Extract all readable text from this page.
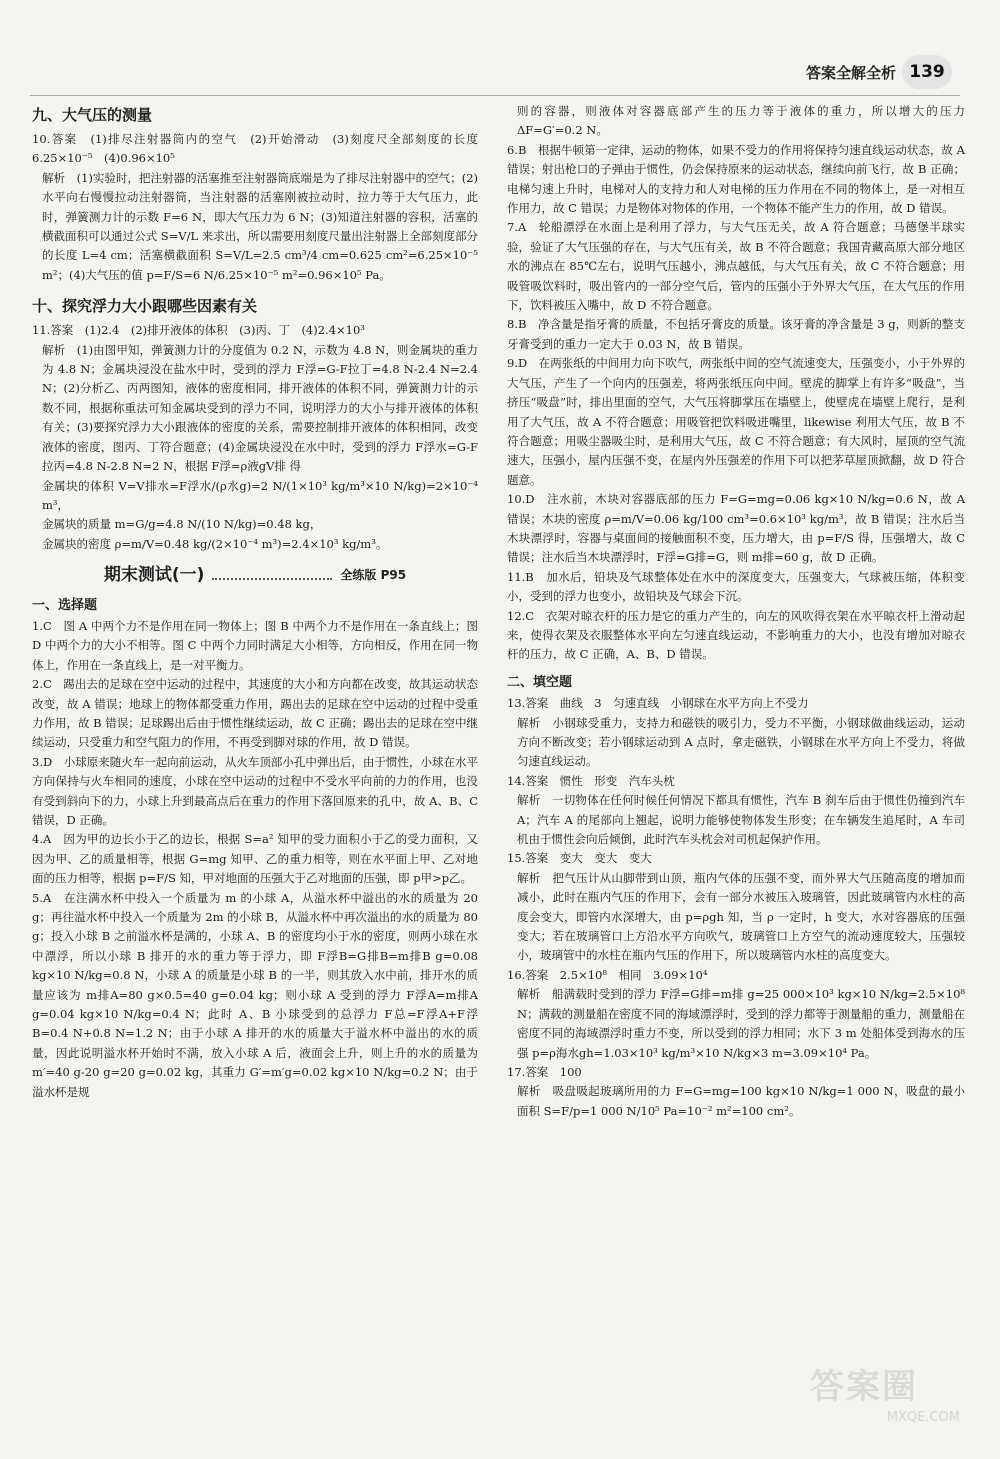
答案全解全析 139
九、大气压的测量

10.答案　(1)排尽注射器筒内的空气　(2)开始滑动　(3)刻度尺全部刻度的长度　6.25×10⁻⁵　(4)0.96×10⁵

解析　(1)实验时，把注射器的活塞推至注射器筒底端是为了排尽注射器中的空气；(2)水平向右慢慢拉动注射器筒，当注射器的活塞刚被拉动时，拉力等于大气压力，此时，弹簧测力计的示数 F=6 N，即大气压力为 6 N；(3)知道注射器的容积，活塞的横截面积可以通过公式 S=V/L 来求出，所以需要用刻度尺量出注射器上全部刻度部分的长度 L=4 cm；活塞横截面积 S=V/L=2.5 cm³/4 cm=0.625 cm²=6.25×10⁻⁵ m²；(4)大气压的值 p=F/S=6 N/6.25×10⁻⁵ m²=0.96×10⁵ Pa。

十、探究浮力大小跟哪些因素有关

11.答案　(1)2.4　(2)排开液体的体积　(3)丙、丁　(4)2.4×10³

解析　(1)由图甲知，弹簧测力计的分度值为 0.2 N，示数为 4.8 N，则金属块的重力为 4.8 N；金属块浸没在盐水中时，受到的浮力 F浮=G-F拉丁=4.8 N-2.4 N=2.4 N；(2)分析乙、丙两图知，液体的密度相同，排开液体的体积不同，弹簧测力计的示数不同，根据称重法可知金属块受到的浮力不同，说明浮力的大小与排开液体的体积有关；(3)要探究浮力大小跟液体的密度的关系，需要控制排开液体的体积相同，改变液体的密度，图丙、丁符合题意；(4)金属块浸没在水中时，受到的浮力 F浮水=G-F拉丙=4.8 N-2.8 N=2 N，根据 F浮=ρ液gV排 得

金属块的体积 V=V排水=F浮水/(ρ水g)=2 N/(1×10³ kg/m³×10 N/kg)=2×10⁻⁴ m³，

金属块的质量 m=G/g=4.8 N/(10 N/kg)=0.48 kg，

金属块的密度 ρ=m/V=0.48 kg/(2×10⁻⁴ m³)=2.4×10³ kg/m³。

期末测试(一)	全练版 P95
一、选择题

1.C　图 A 中两个力不是作用在同一物体上；图 B 中两个力不是作用在一条直线上；图 D 中两个力的大小不相等。图 C 中两个力同时满足大小相等，方向相反，作用在同一物体上，作用在一条直线上，是一对平衡力。

2.C　踢出去的足球在空中运动的过程中，其速度的大小和方向都在改变，故其运动状态改变，故 A 错误；地球上的物体都受重力作用，踢出去的足球在空中运动的过程中受重力作用，故 B 错误；足球踢出后由于惯性继续运动，故 C 正确；踢出去的足球在空中继续运动，只受重力和空气阻力的作用，不再受到脚对球的作用，故 D 错误。

3.D　小球原来随火车一起向前运动，从火车顶部小孔中弹出后，由于惯性，小球在水平方向保持与火车相同的速度，小球在空中运动的过程中不受水平向前的力的作用，也没有受到斜向下的力，小球上升到最高点后在重力的作用下落回原来的孔中，故 A、B、C 错误，D 正确。

4.A　因为甲的边长小于乙的边长，根据 S=a² 知甲的受力面积小于乙的受力面积，又因为甲、乙的质量相等，根据 G=mg 知甲、乙的重力相等，则在水平面上甲、乙对地面的压力相等，根据 p=F/S 知，甲对地面的压强大于乙对地面的压强，即 p甲>p乙。

5.A　在注满水杯中投入一个质量为 m 的小球 A，从溢水杯中溢出的水的质量为 20 g；再往溢水杯中投入一个质量为 2m 的小球 B，从溢水杯中再次溢出的水的质量为 80 g；投入小球 B 之前溢水杯是满的，小球 A、B 的密度均小于水的密度，则两小球在水中漂浮，所以小球 B 排开的水的重力等于浮力，即 F浮B=G排B=m排B g=0.08 kg×10 N/kg=0.8 N，小球 A 的质量是小球 B 的一半，则其放入水中前，排开水的质量应该为 m排A=80 g×0.5=40 g=0.04 kg；则小球 A 受到的浮力 F浮A=m排A g=0.04 kg×10 N/kg=0.4 N；此时 A、B 小球受到的总浮力 F总=F浮A+F浮B=0.4 N+0.8 N=1.2 N；由于小球 A 排开的水的质量大于溢水杯中溢出的水的质量，因此说明溢水杯开始时不满，放入小球 A 后，液面会上升，则上升的水的质量为 m′=40 g-20 g=20 g=0.02 kg，其重力 G′=m′g=0.02 kg×10 N/kg=0.2 N；由于溢水杯是规

则的容器，则液体对容器底部产生的压力等于液体的重力，所以增大的压力 ΔF=G′=0.2 N。

6.B　根据牛顿第一定律，运动的物体，如果不受力的作用将保持匀速直线运动状态，故 A 错误；射出枪口的子弹由于惯性，仍会保持原来的运动状态，继续向前飞行，故 B 正确；电梯匀速上升时，电梯对人的支持力和人对电梯的压力作用在不同的物体上，是一对相互作用力，故 C 错误；力是物体对物体的作用，一个物体不能产生力的作用，故 D 错误。

7.A　轮船漂浮在水面上是利用了浮力，与大气压无关，故 A 符合题意；马德堡半球实验，验证了大气压强的存在，与大气压有关，故 B 不符合题意；我国青藏高原大部分地区水的沸点在 85℃左右，说明气压越小，沸点越低，与大气压有关，故 C 不符合题意；用吸管吸饮料时，吸出管内的一部分空气后，管内的压强小于外界大气压，在大气压的作用下，饮料被压入嘴中，故 D 不符合题意。

8.B　净含量是指牙膏的质量，不包括牙膏皮的质量。该牙膏的净含量是 3 g，则新的整支牙膏受到的重力一定大于 0.03 N，故 B 错误。

9.D　在两张纸的中间用力向下吹气，两张纸中间的空气流速变大，压强变小，小于外界的大气压，产生了一个向内的压强差，将两张纸压向中间。壁虎的脚掌上有许多“吸盘”，当挤压“吸盘”时，排出里面的空气，大气压将脚掌压在墙壁上，使壁虎在墙壁上爬行，是利用了大气压，故 A 不符合题意；用吸管把饮料吸进嘴里，likewise 利用大气压，故 B 不符合题意；用吸尘器吸尘时，是利用大气压，故 C 不符合题意；有大风时，屋顶的空气流速大，压强小，屋内压强不变，在屋内外压强差的作用下可以把茅草屋顶掀翻，故 D 符合题意。

10.D　注水前，木块对容器底部的压力 F=G=mg=0.06 kg×10 N/kg=0.6 N，故 A 错误；木块的密度 ρ=m/V=0.06 kg/100 cm³=0.6×10³ kg/m³，故 B 错误；注水后当木块漂浮时，容器与桌面间的接触面积不变，压力增大，由 p=F/S 得，压强增大，故 C 错误；注水后当木块漂浮时，F浮=G排=G，则 m排=60 g，故 D 正确。

11.B　加水后，铅块及气球整体处在水中的深度变大，压强变大，气球被压缩，体积变小，受到的浮力也变小，故铅块及气球会下沉。

12.C　衣架对晾衣杆的压力是它的重力产生的，向左的风吹得衣架在水平晾衣杆上滑动起来，使得衣架及衣服整体水平向左匀速直线运动，不影响重力的大小，也没有增加对晾衣杆的压力，故 C 正确，A、B、D 错误。

二、填空题

13.答案　曲线　3　匀速直线　小钢球在水平方向上不受力

解析　小钢球受重力，支持力和磁铁的吸引力，受力不平衡，小钢球做曲线运动，运动方向不断改变；若小钢球运动到 A 点时，拿走磁铁，小钢球在水平方向上不受力，将做匀速直线运动。

14.答案　惯性　形变　汽车头枕

解析　一切物体在任何时候任何情况下都具有惯性，汽车 B 刹车后由于惯性仍撞到汽车 A；汽车 A 的尾部向上翘起，说明力能够使物体发生形变；在车辆发生追尾时，A 车司机由于惯性会向后倾倒，此时汽车头枕会对司机起保护作用。

15.答案　变大　变大　变大

解析　把气压计从山脚带到山顶，瓶内气体的压强不变，而外界大气压随高度的增加而减小，此时在瓶内气压的作用下，会有一部分水被压入玻璃管，因此玻璃管内水柱的高度会变大，即管内水深增大，由 p=ρgh 知，当 ρ 一定时，h 变大，水对容器底的压强变大；若在玻璃管口上方沿水平方向吹气，玻璃管口上方空气的流动速度较大，压强较小，玻璃管中的水柱在瓶内气压的作用下，所以玻璃管内水柱的高度变大。

16.答案　2.5×10⁸　相同　3.09×10⁴

解析　船满载时受到的浮力 F浮=G排=m排 g=25 000×10³ kg×10 N/kg=2.5×10⁸ N；满载的测量船在密度不同的海域漂浮时，受到的浮力都等于测量船的重力，测量船在密度不同的海域漂浮时重力不变，所以受到的浮力相同；水下 3 m 处船体受到海水的压强 p=ρ海水gh=1.03×10³ kg/m³×10 N/kg×3 m=3.09×10⁴ Pa。

17.答案　100

解析　吸盘吸起玻璃所用的力 F=G=mg=100 kg×10 N/kg=1 000 N，吸盘的最小面积 S=F/p=1 000 N/10⁵ Pa=10⁻² m²=100 cm²。

答案圈
MXQE.COM
